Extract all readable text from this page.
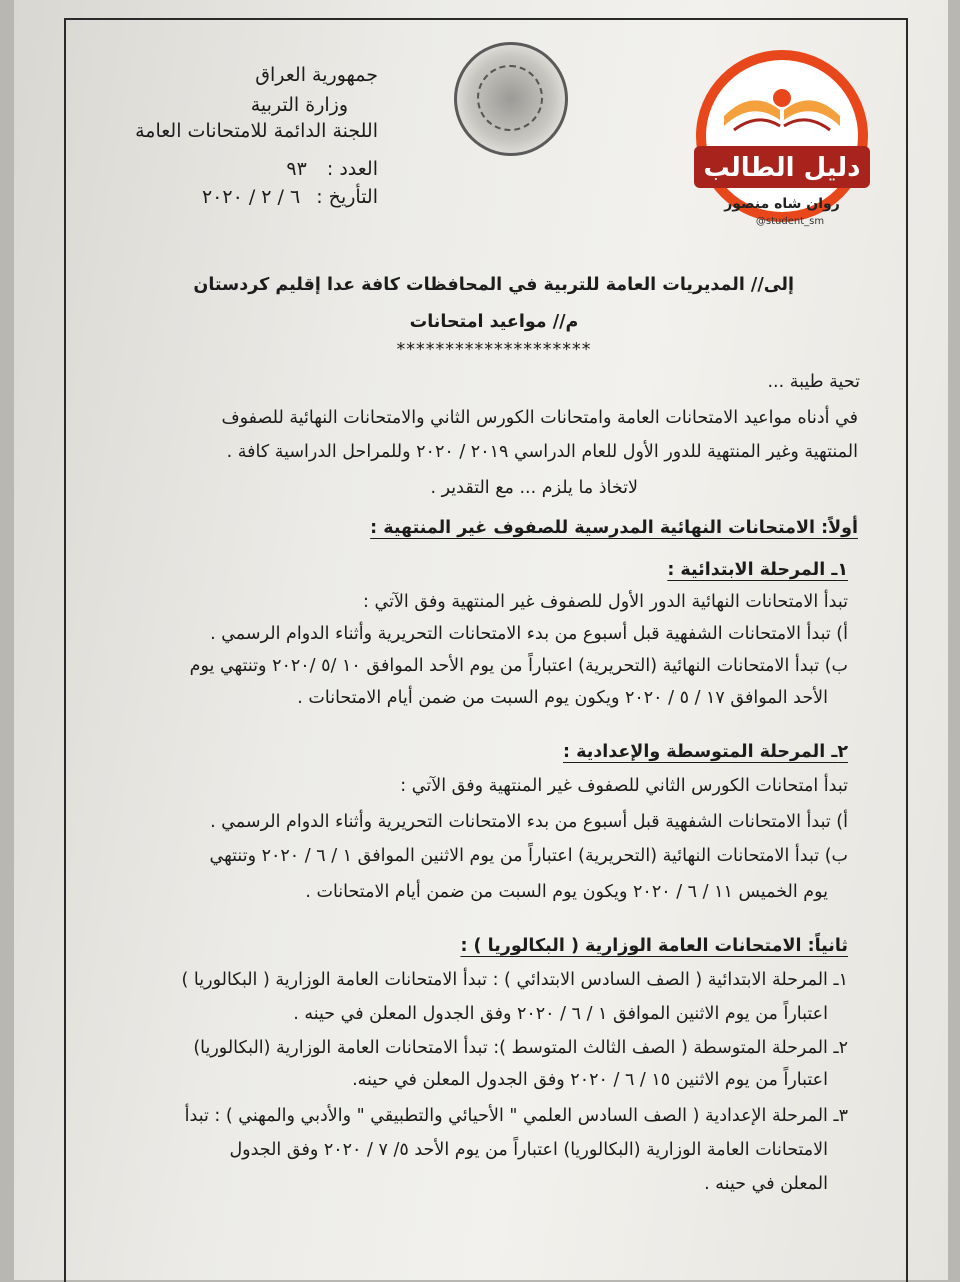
جمهورية العراق
وزارة التربية
اللجنة الدائمة للامتحانات العامة
العدد : ٩٣
التأريخ : ٦ / ٢ / ٢٠٢٠
دليل الطالب
روان شاه منصور
@student_sm
إلى// المديريات العامة للتربية في المحافظات كافة عدا إقليم كردستان
م// مواعيد امتحانات
********************
تحية طيبة ...
في أدناه مواعيد الامتحانات العامة وامتحانات الكورس الثاني والامتحانات النهائية للصفوف
المنتهية وغير المنتهية للدور الأول للعام الدراسي ٢٠١٩ / ٢٠٢٠ وللمراحل الدراسية كافة .
لاتخاذ ما يلزم ... مع التقدير .
أولاً: الامتحانات النهائية المدرسية للصفوف غير المنتهية :
١ـ المرحلة الابتدائية :
تبدأ الامتحانات النهائية الدور الأول للصفوف غير المنتهية وفق الآتي :
أ) تبدأ الامتحانات الشفهية قبل أسبوع من بدء الامتحانات التحريرية وأثناء الدوام الرسمي .
ب) تبدأ الامتحانات النهائية (التحريرية) اعتباراً من يوم الأحد الموافق ١٠ /٥ /٢٠٢٠ وتنتهي يوم
الأحد الموافق ١٧ / ٥ / ٢٠٢٠ ويكون يوم السبت من ضمن أيام الامتحانات .
٢ـ المرحلة المتوسطة والإعدادية :
تبدأ امتحانات الكورس الثاني للصفوف غير المنتهية وفق الآتي :
أ) تبدأ الامتحانات الشفهية قبل أسبوع من بدء الامتحانات التحريرية وأثناء الدوام الرسمي .
ب) تبدأ الامتحانات النهائية (التحريرية) اعتباراً من يوم الاثنين الموافق ١ / ٦ / ٢٠٢٠ وتنتهي
يوم الخميس ١١ / ٦ / ٢٠٢٠ ويكون يوم السبت من ضمن أيام الامتحانات .
ثانياً: الامتحانات العامة الوزارية ( البكالوريا ) :
١ـ المرحلة الابتدائية ( الصف السادس الابتدائي ) : تبدأ الامتحانات العامة الوزارية ( البكالوريا )
اعتباراً من يوم الاثنين الموافق ١ / ٦ / ٢٠٢٠ وفق الجدول المعلن في حينه .
٢ـ المرحلة المتوسطة ( الصف الثالث المتوسط ): تبدأ الامتحانات العامة الوزارية (البكالوريا)
اعتباراً من يوم الاثنين ١٥ / ٦ / ٢٠٢٠ وفق الجدول المعلن في حينه.
٣ـ المرحلة الإعدادية ( الصف السادس العلمي " الأحيائي والتطبيقي " والأدبي والمهني ) : تبدأ
الامتحانات العامة الوزارية (البكالوريا) اعتباراً من يوم الأحد ٥/ ٧ / ٢٠٢٠ وفق الجدول
المعلن في حينه .
